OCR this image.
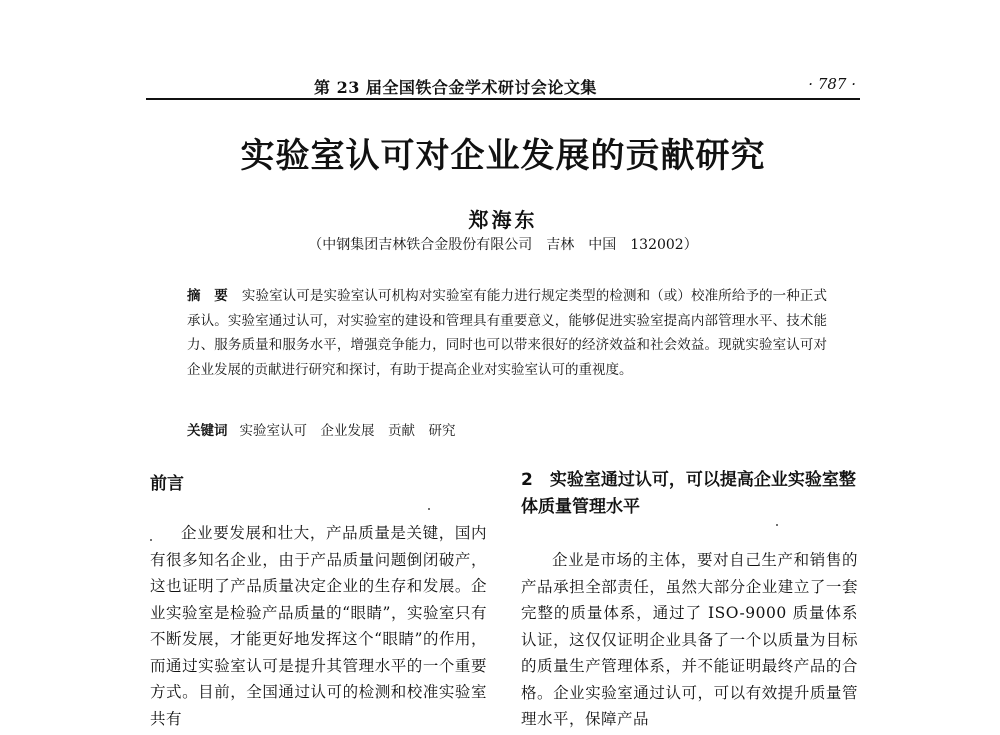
第 23 届全国铁合金学术研讨会论文集	· 787 ·
实验室认可对企业发展的贡献研究
郑海东
（中钢集团吉林铁合金股份有限公司　吉林　中国　132002）
摘　要 实验室认可是实验室认可机构对实验室有能力进行规定类型的检测和（或）校准所给予的一种正式承认。实验室通过认可，对实验室的建设和管理具有重要意义，能够促进实验室提高内部管理水平、技术能力、服务质量和服务水平，增强竞争能力，同时也可以带来很好的经济效益和社会效益。现就实验室认可对企业发展的贡献进行研究和探讨，有助于提高企业对实验室认可的重视度。
关键词 实验室认可　企业发展　贡献　研究
前言	2　实验室通过认可，可以提高企业实验室整体质量管理水平
企业要发展和壮大，产品质量是关键，国内有很多知名企业，由于产品质量问题倒闭破产，这也证明了产品质量决定企业的生存和发展。企业实验室是检验产品质量的“眼睛”，实验室只有不断发展，才能更好地发挥这个“眼睛”的作用，而通过实验室认可是提升其管理水平的一个重要方式。目前，全国通过认可的检测和校准实验室共有
企业是市场的主体，要对自己生产和销售的产品承担全部责任，虽然大部分企业建立了一套完整的质量体系，通过了 ISO-9000 质量体系认证，这仅仅证明企业具备了一个以质量为目标的质量生产管理体系，并不能证明最终产品的合格。企业实验室通过认可，可以有效提升质量管理水平，保障产品
